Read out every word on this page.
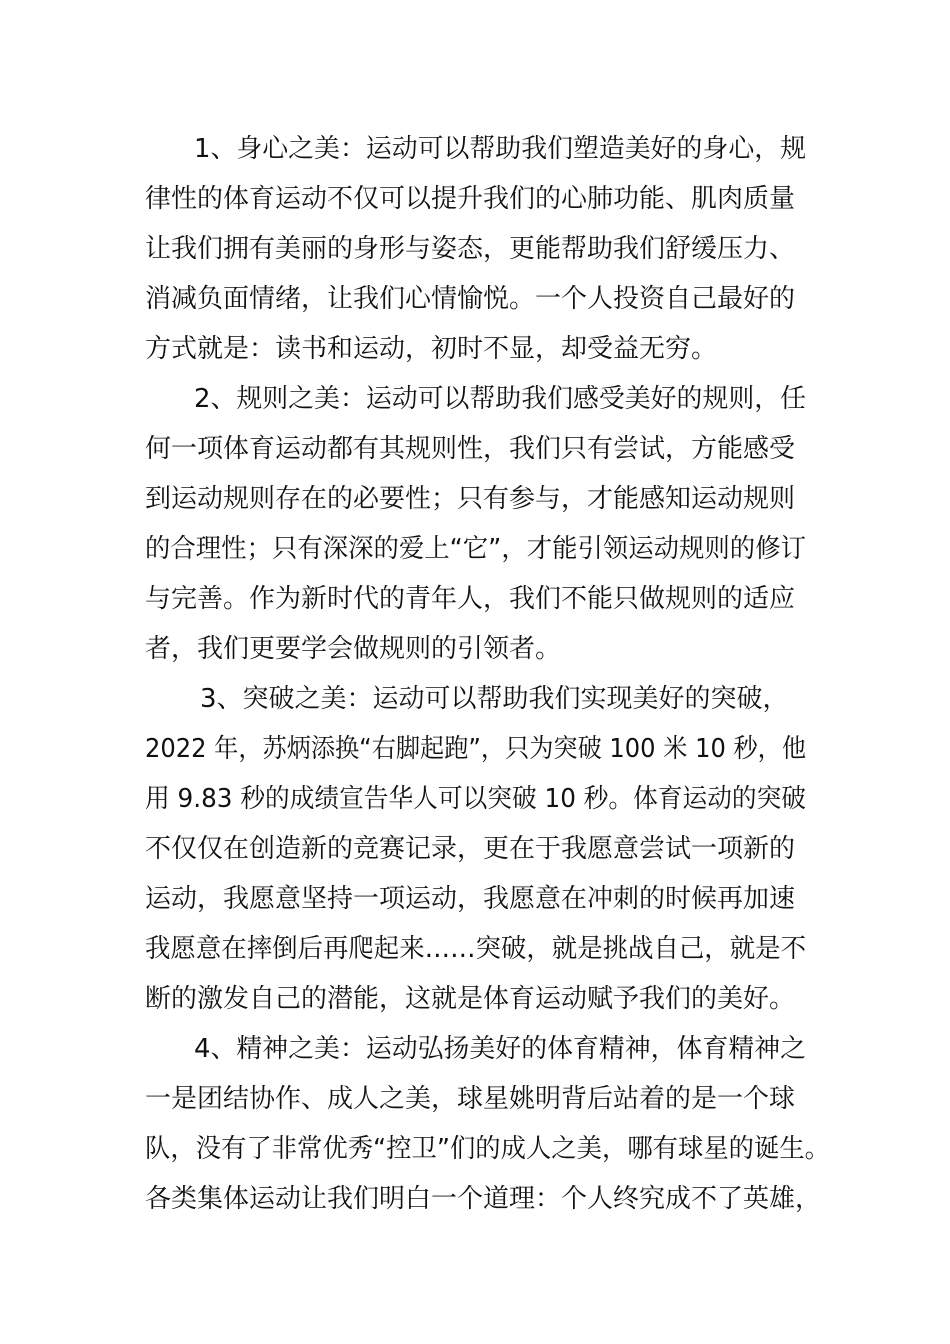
1、身心之美：运动可以帮助我们塑造美好的身心，规
律性的体育运动不仅可以提升我们的心肺功能、肌肉质量
让我们拥有美丽的身形与姿态，更能帮助我们舒缓压力、
消减负面情绪，让我们心情愉悦。一个人投资自己最好的
方式就是：读书和运动，初时不显，却受益无穷。
2、规则之美：运动可以帮助我们感受美好的规则，任
何一项体育运动都有其规则性，我们只有尝试，方能感受
到运动规则存在的必要性；只有参与，才能感知运动规则
的合理性；只有深深的爱上“它”，才能引领运动规则的修订
与完善。作为新时代的青年人，我们不能只做规则的适应
者，我们更要学会做规则的引领者。
3、突破之美：运动可以帮助我们实现美好的突破，
2022 年，苏炳添换“右脚起跑”，只为突破 100 米 10 秒，他
用 9.83 秒的成绩宣告华人可以突破 10 秒。体育运动的突破
不仅仅在创造新的竞赛记录，更在于我愿意尝试一项新的
运动，我愿意坚持一项运动，我愿意在冲刺的时候再加速
我愿意在摔倒后再爬起来……突破，就是挑战自己，就是不
断的激发自己的潜能，这就是体育运动赋予我们的美好。
4、精神之美：运动弘扬美好的体育精神，体育精神之
一是团结协作、成人之美，球星姚明背后站着的是一个球
队，没有了非常优秀“控卫”们的成人之美，哪有球星的诞生。
各类集体运动让我们明白一个道理：个人终究成不了英雄，
